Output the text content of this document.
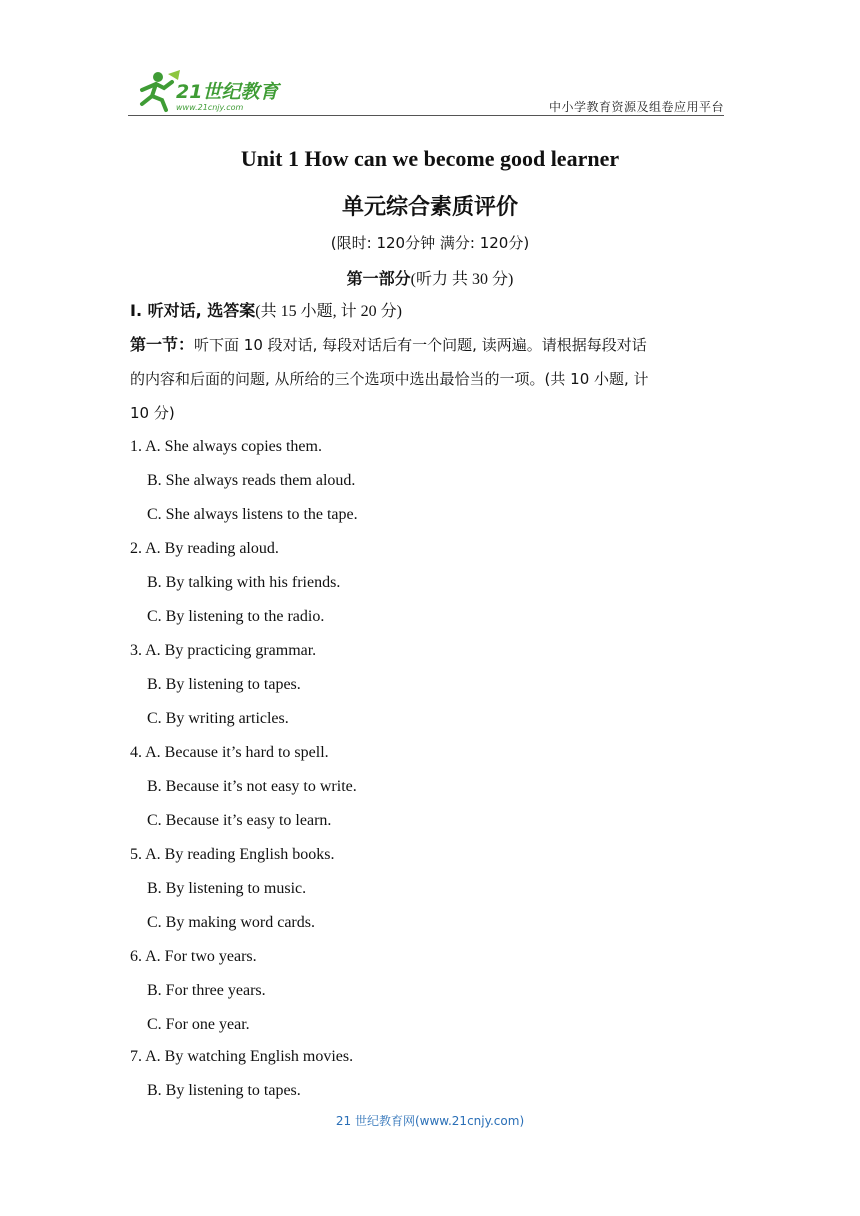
21世纪教育
www.21cnjy.com	中小学教育资源及组卷应用平台
Unit 1 How can we become good learner
单元综合素质评价
(限时: 120分钟 满分: 120分)
第一部分(听力 共 30 分)
I. 听对话, 选答案(共 15 小题, 计 20 分)
第一节：听下面 10 段对话, 每段对话后有一个问题, 读两遍。请根据每段对话
的内容和后面的问题, 从所给的三个选项中选出最恰当的一项。(共 10 小题, 计
10 分)
1. A. She always copies them.
B. She always reads them aloud.
C. She always listens to the tape.
2. A. By reading aloud.
B. By talking with his friends.
C. By listening to the radio.
3. A. By practicing grammar.
B. By listening to tapes.
C. By writing articles.
4. A. Because it’s hard to spell.
B. Because it’s not easy to write.
C. Because it’s easy to learn.
5. A. By reading English books.
B. By listening to music.
C. By making word cards.
6. A. For two years.
B. For three years.
C. For one year.
7. A. By watching English movies.
B. By listening to tapes.
21 世纪教育网(www.21cnjy.com)
